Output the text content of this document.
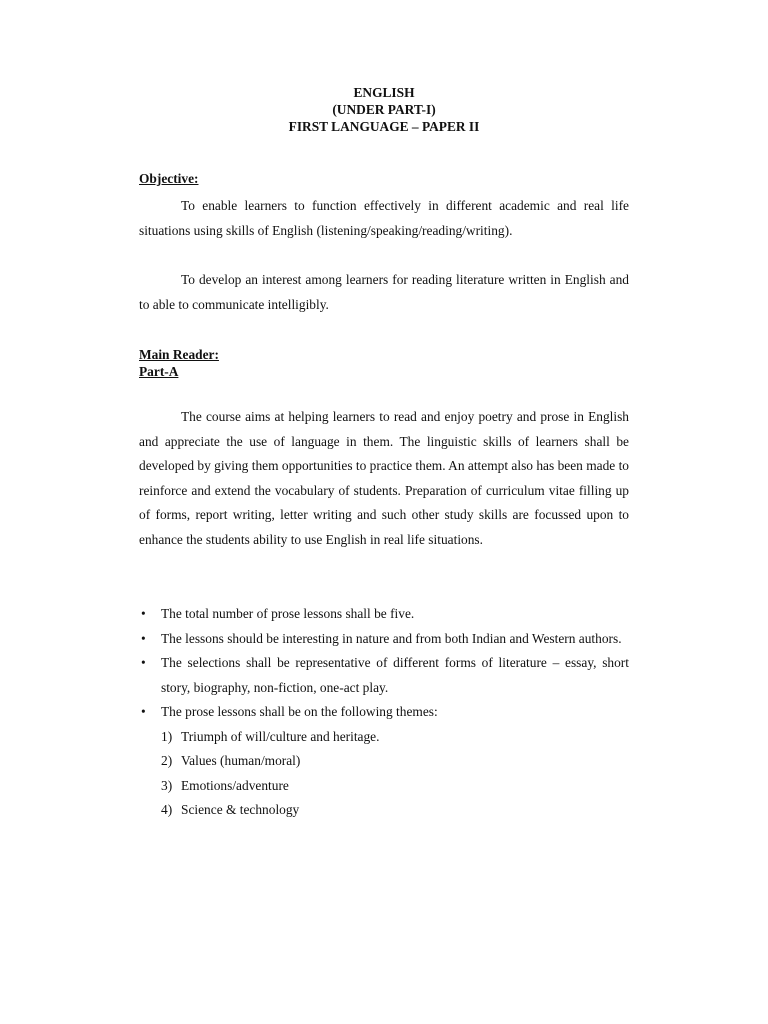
ENGLISH
(UNDER PART-I)
FIRST LANGUAGE – PAPER II
Objective:
To enable learners to function effectively in different academic and real life situations using skills of English (listening/speaking/reading/writing).
To develop an interest among learners for reading literature written in English and to able to communicate intelligibly.
Main Reader:
Part-A
The course aims at helping learners to read and enjoy poetry and prose in English and appreciate the use of language in them. The linguistic skills of learners shall be developed by giving them opportunities to practice them. An attempt also has been made to reinforce and extend the vocabulary of students. Preparation of curriculum vitae filling up of forms, report writing, letter writing and such other study skills are focussed upon to enhance the students ability to use English in real life situations.
• The total number of prose lessons shall be five.
• The lessons should be interesting in nature and from both Indian and Western authors.
• The selections shall be representative of different forms of literature – essay, short story, biography, non-fiction, one-act play.
• The prose lessons shall be on the following themes:
1) Triumph of will/culture and heritage.
2) Values (human/moral)
3) Emotions/adventure
4) Science & technology
